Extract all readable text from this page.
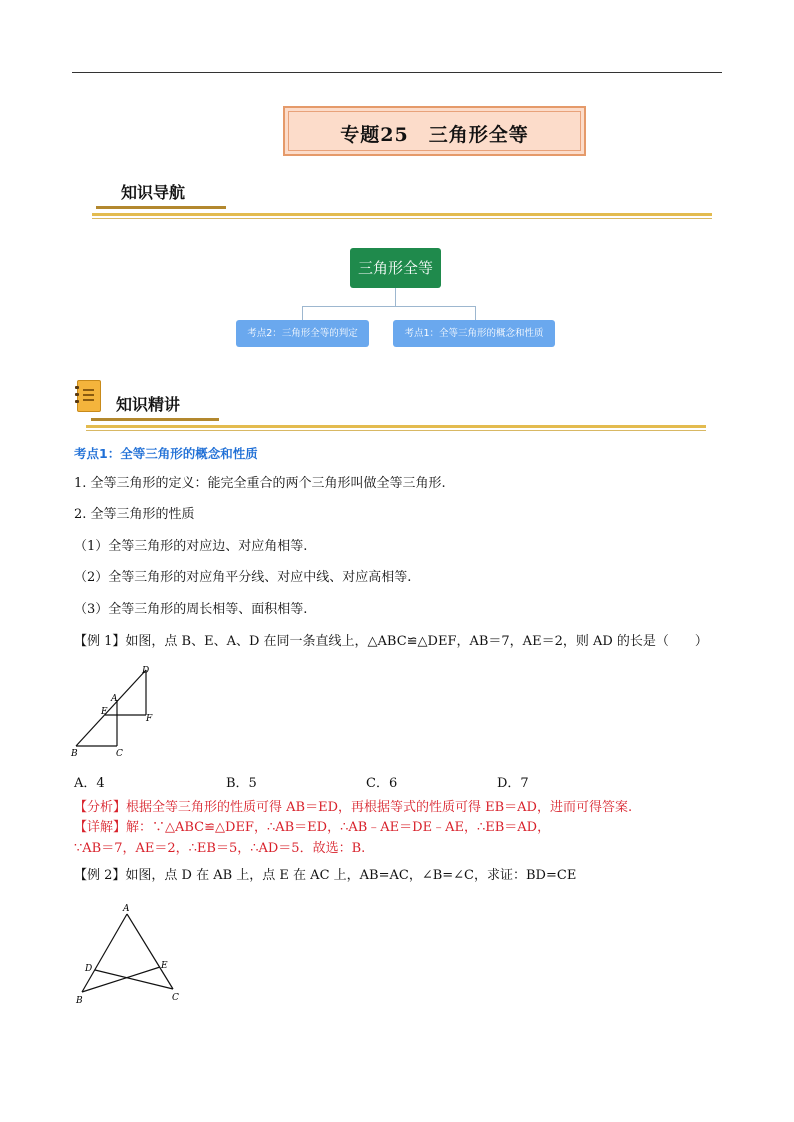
专题25　三角形全等
知识导航
三角形全等
考点2：三角形全等的判定	考点1：全等三角形的概念和性质
知识精讲
考点1：全等三角形的概念和性质
1. 全等三角形的定义：能完全重合的两个三角形叫做全等三角形.
2. 全等三角形的性质
（1）全等三角形的对应边、对应角相等.
（2）全等三角形的对应角平分线、对应中线、对应高相等.
（3）全等三角形的周长相等、面积相等.
【例 1】如图，点 B、E、A、D 在同一条直线上，△ABC≌△DEF，AB＝7，AE＝2，则 AD 的长是（　　）
D
A
E
F
B	C
A．4	B．5	C．6	D．7
【分析】根据全等三角形的性质可得 AB＝ED，再根据等式的性质可得 EB＝AD，进而可得答案.
【详解】解：∵△ABC≌△DEF，∴AB＝ED，∴AB﹣AE＝DE﹣AE，∴EB＝AD，
∵AB＝7，AE＝2，∴EB＝5，∴AD＝5．故选：B.
【例 2】如图，点 D 在 AB 上，点 E 在 AC 上，AB=AC，∠B=∠C，求证：BD=CE
A
D	E
B	C
